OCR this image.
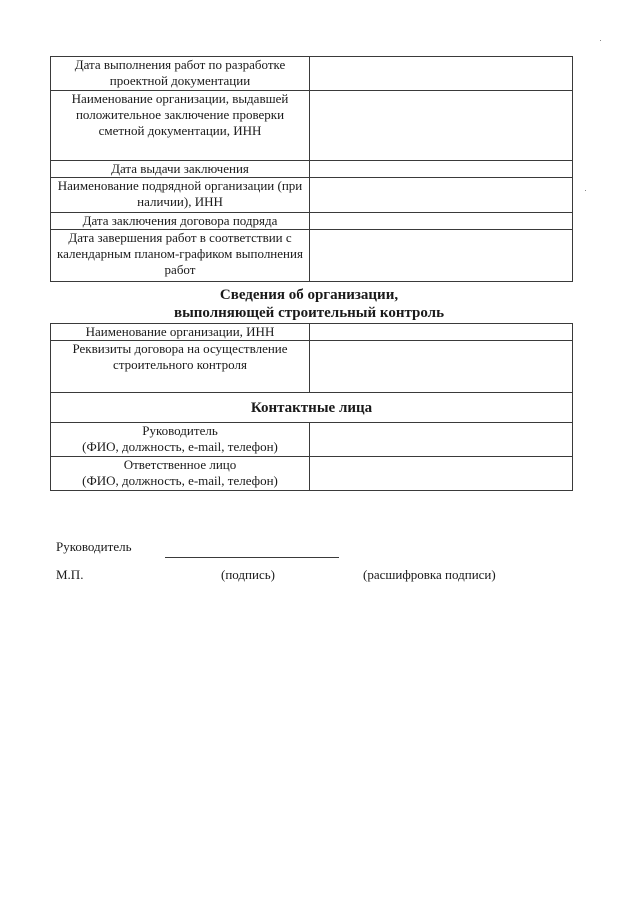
Дата выполнения работ по разработке проектной документации	
Наименование организации, выдавшей положительное заключение проверки сметной документации, ИНН	
Дата выдачи заключения	
Наименование подрядной организации (при наличии), ИНН	
Дата заключения договора подряда	
Дата завершения работ в соответствии с календарным планом-графиком выполнения работ	
Сведения об организации,
выполняющей строительный контроль
Наименование организации, ИНН	
Реквизиты договора на осуществление строительного контроля	
Контактные лица	

Руководитель
(ФИО, должность, e-mail, телефон)	

Ответственное лицо
(ФИО, должность, e-mail, телефон)	

Руководитель
М.П.	(подпись)	(расшифровка подписи)
